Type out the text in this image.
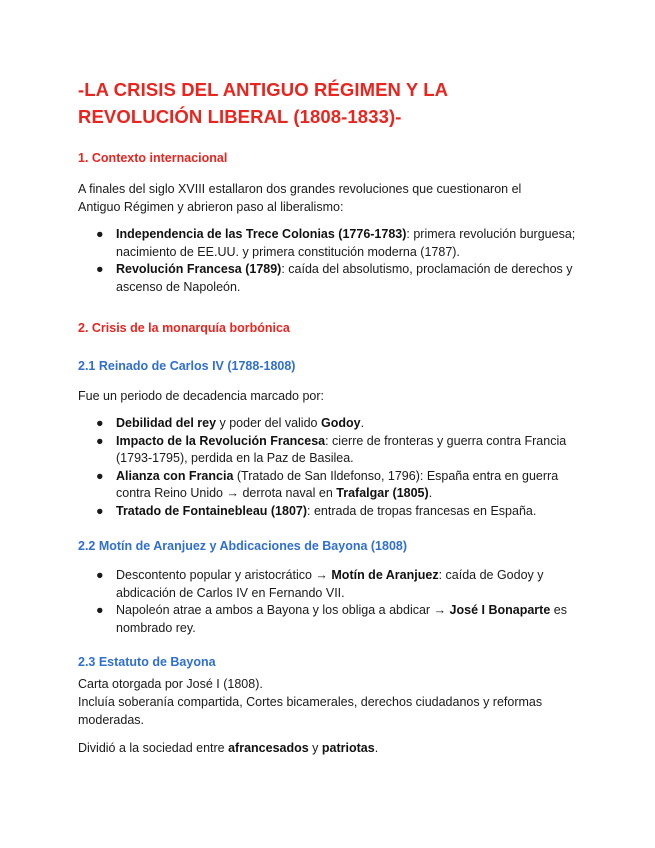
-LA CRISIS DEL ANTIGUO RÉGIMEN Y LA
REVOLUCIÓN LIBERAL (1808-1833)-
1. Contexto internacional

A finales del siglo XVIII estallaron dos grandes revoluciones que cuestionaron el Antiguo Régimen y abrieron paso al liberalismo:

● Independencia de las Trece Colonias (1776-1783): primera revolución burguesa; nacimiento de EE.UU. y primera constitución moderna (1787).
● Revolución Francesa (1789): caída del absolutismo, proclamación de derechos y ascenso de Napoleón.
2. Crisis de la monarquía borbónica
2.1 Reinado de Carlos IV (1788-1808)

Fue un periodo de decadencia marcado por:

● Debilidad del rey y poder del valido Godoy.
● Impacto de la Revolución Francesa: cierre de fronteras y guerra contra Francia (1793-1795), perdida en la Paz de Basilea.
● Alianza con Francia (Tratado de San Ildefonso, 1796): España entra en guerra contra Reino Unido → derrota naval en Trafalgar (1805).
● Tratado de Fontainebleau (1807): entrada de tropas francesas en España.
2.2 Motín de Aranjuez y Abdicaciones de Bayona (1808)
● Descontento popular y aristocrático → Motín de Aranjuez: caída de Godoy y abdicación de Carlos IV en Fernando VII.
● Napoleón atrae a ambos a Bayona y los obliga a abdicar → José I Bonaparte es nombrado rey.
2.3 Estatuto de Bayona

Carta otorgada por José I (1808).

Incluía soberanía compartida, Cortes bicamerales, derechos ciudadanos y reformas moderadas.

Dividió a la sociedad entre afrancesados y patriotas.
